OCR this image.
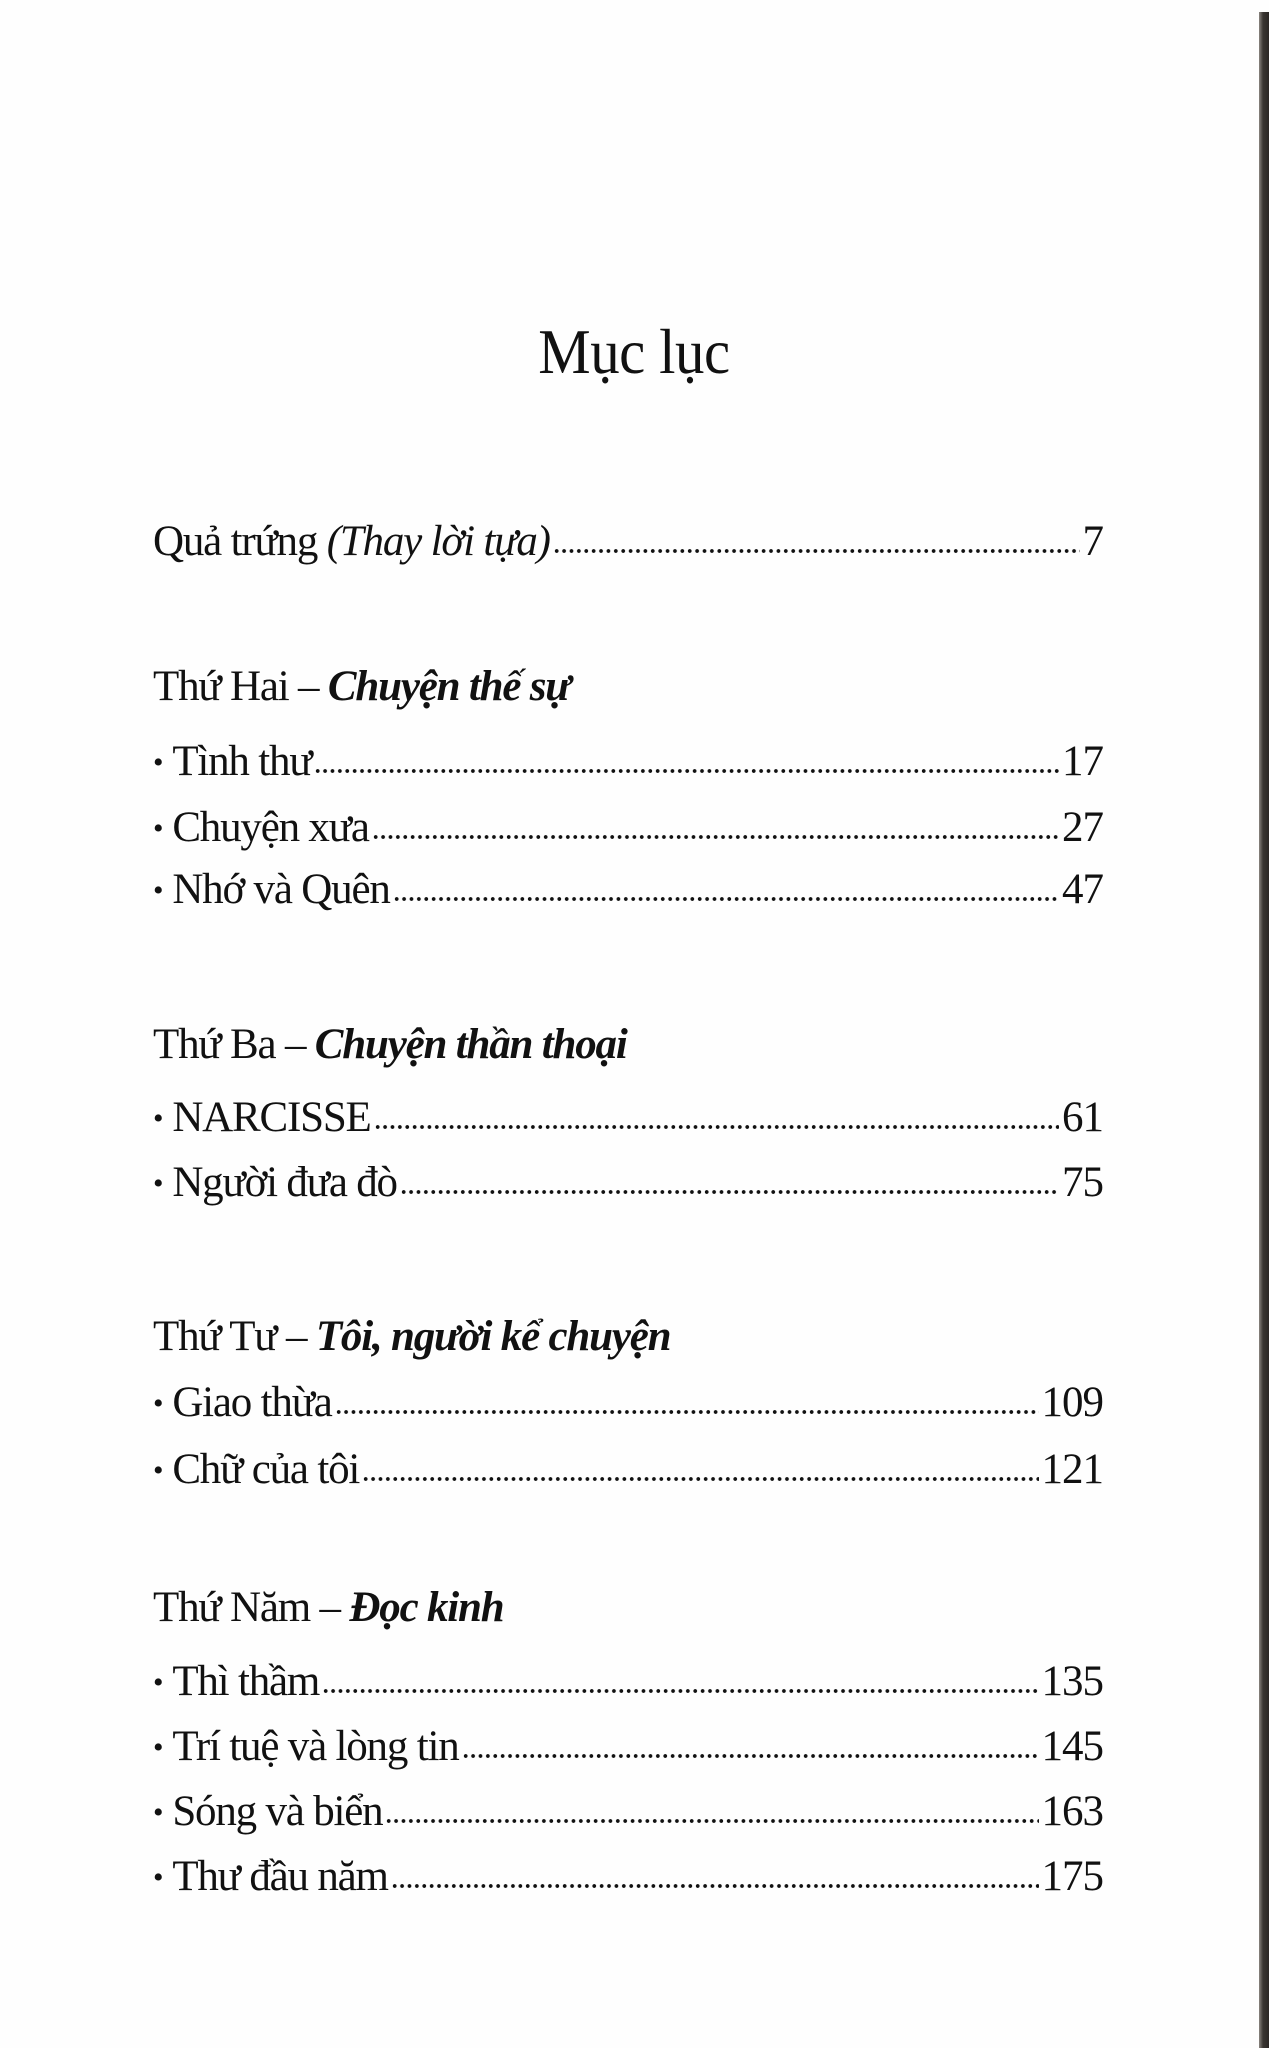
Mục lục
Quả trứng (Thay lời tựa)	7
Thứ Hai – Chuyện thế sự
• Tình thư	17
• Chuyện xưa	27
• Nhớ và Quên	47
Thứ Ba – Chuyện thần thoại
• NARCISSE	61
• Người đưa đò	75
Thứ Tư – Tôi, người kể chuyện
• Giao thừa	109
• Chữ của tôi	121
Thứ Năm – Đọc kinh
• Thì thầm	135
• Trí tuệ và lòng tin	145
• Sóng và biển	163
• Thư đầu năm	175
